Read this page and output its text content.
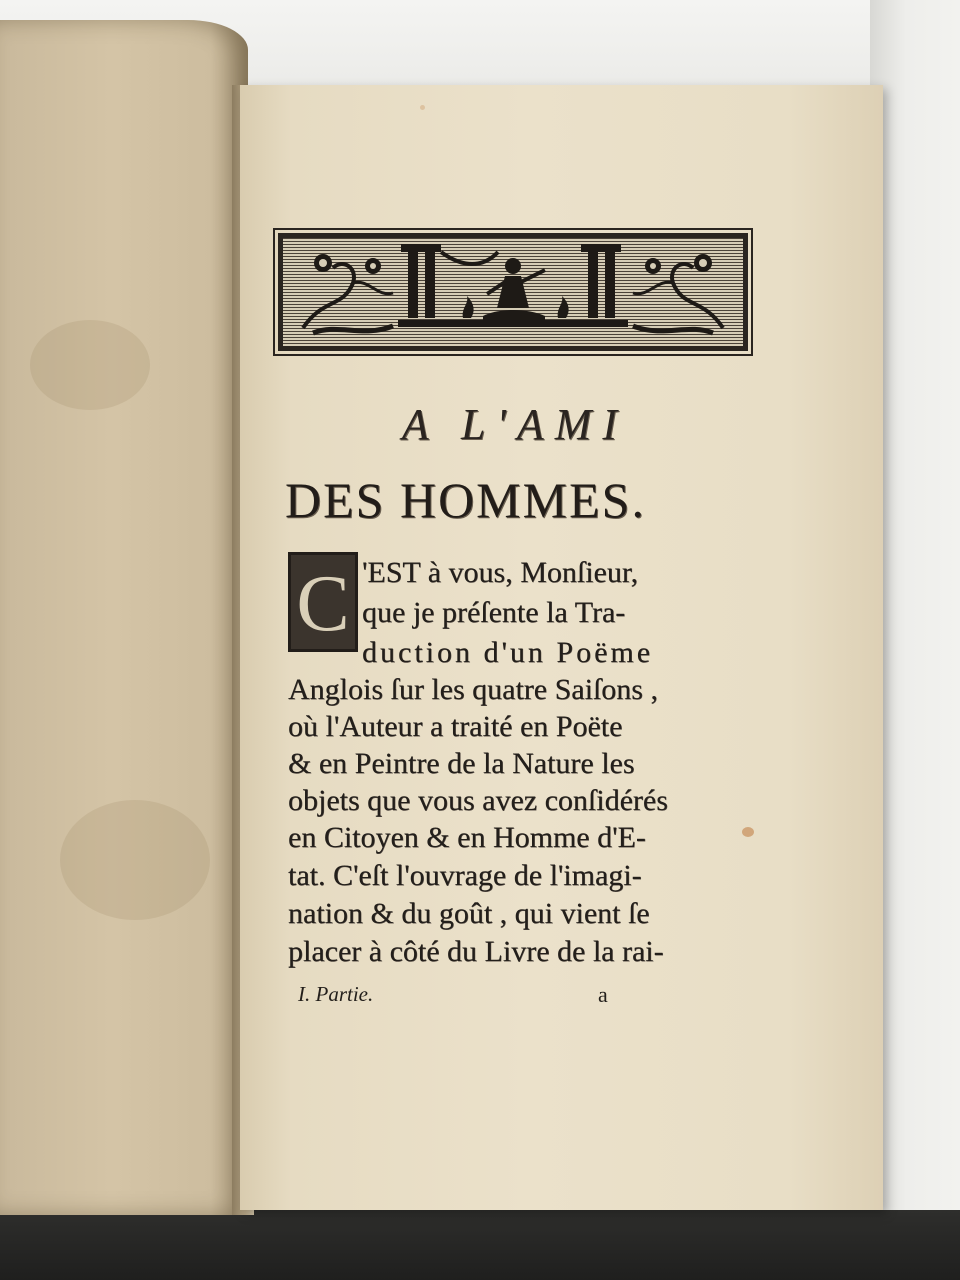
A L'AMI
DES HOMMES.
C 'EST à vous, Monſieur,
que je préſente la Tra-
duction d'un Poëme
Anglois ſur les quatre Saiſons ,
où l'Auteur a traité en Poëte
& en Peintre de la Nature les
objets que vous avez conſidérés
en Citoyen & en Homme d'E-
tat. C'eſt l'ouvrage de l'imagi-
nation & du goût , qui vient ſe
placer à côté du Livre de la rai-
I. Partie.	a
